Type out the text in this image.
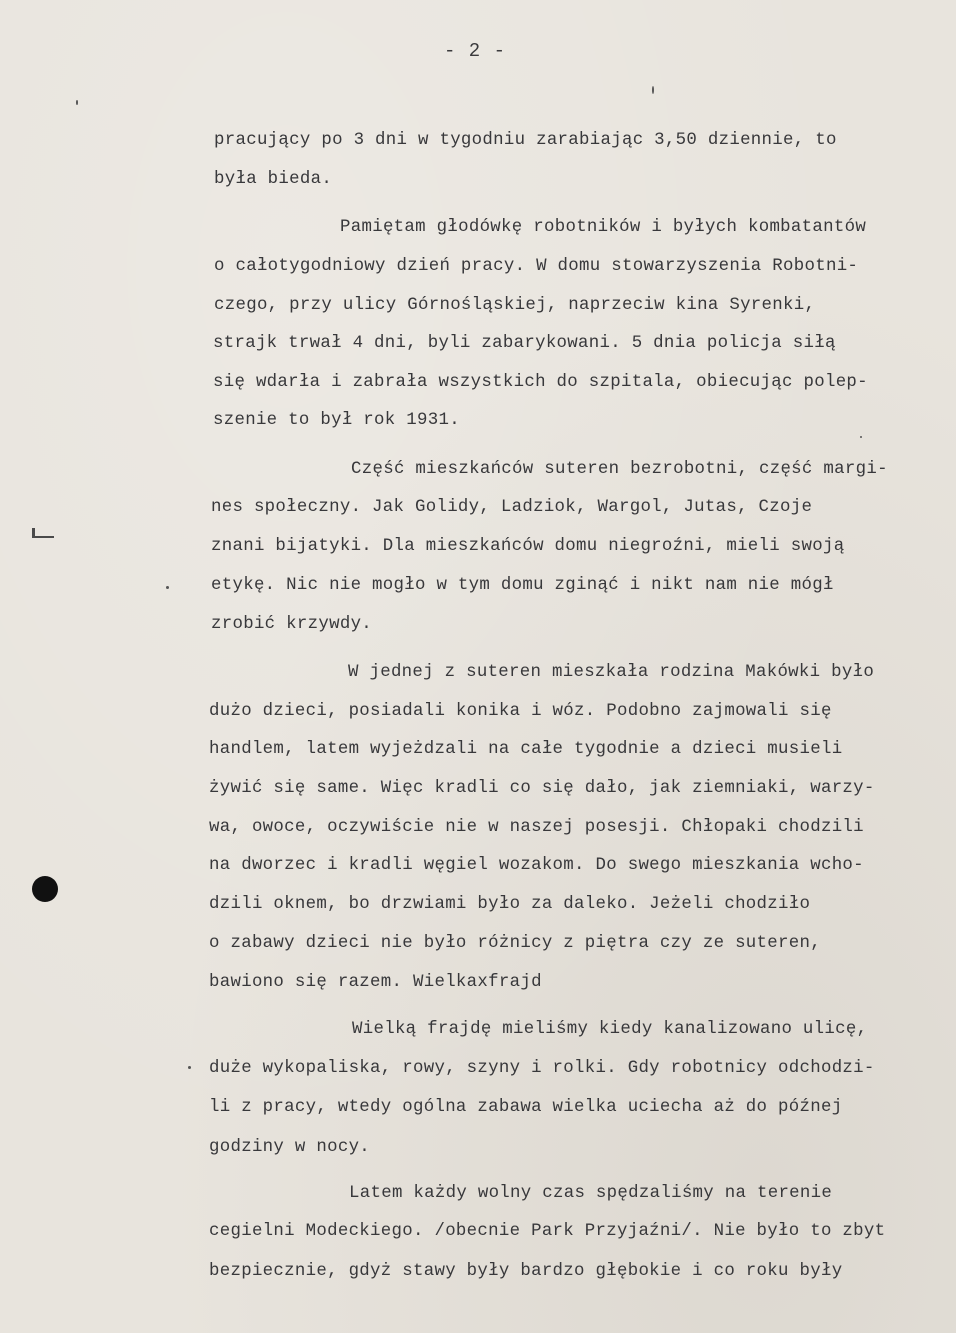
- 2 -
pracujący po 3 dni w tygodniu zarabiając 3,50 dziennie, to
była bieda.
Pamiętam głodówkę robotników i byłych kombatantów
o całotygodniowy dzień pracy. W domu stowarzyszenia Robotni-
czego, przy ulicy Górnośląskiej, naprzeciw kina Syrenki,
strajk trwał 4 dni, byli zabarykowani. 5 dnia policja siłą
się wdarła i zabrała wszystkich do szpitala, obiecując polep-
szenie to był rok 1931.
Część mieszkańców suteren bezrobotni, część margi-
nes społeczny. Jak Golidy, Ladziok, Wargol, Jutas, Czoje
znani bijatyki. Dla mieszkańców domu niegroźni, mieli swoją
etykę. Nic nie mogło w tym domu zginąć i nikt nam nie mógł
zrobić krzywdy.
W jednej z suteren mieszkała rodzina Makówki było
dużo dzieci, posiadali konika i wóz. Podobno zajmowali się
handlem, latem wyjeżdzali na całe tygodnie a dzieci musieli
żywić się same. Więc kradli co się dało, jak ziemniaki, warzy-
wa, owoce, oczywiście nie w naszej posesji. Chłopaki chodzili
na dworzec i kradli węgiel wozakom. Do swego mieszkania wcho-
dzili oknem, bo drzwiami było za daleko. Jeżeli chodziło
o zabawy dzieci nie było różnicy z piętra czy ze suteren,
bawiono się razem. Wielkaxfrajd
Wielką frajdę mieliśmy kiedy kanalizowano ulicę,
duże wykopaliska, rowy, szyny i rolki. Gdy robotnicy odchodzi-
li z pracy, wtedy ogólna zabawa wielka uciecha aż do późnej
godziny w nocy.
Latem każdy wolny czas spędzaliśmy na terenie
cegielni Modeckiego. /obecnie Park Przyjaźni/. Nie było to zbyt
bezpiecznie, gdyż stawy były bardzo głębokie i co roku były
